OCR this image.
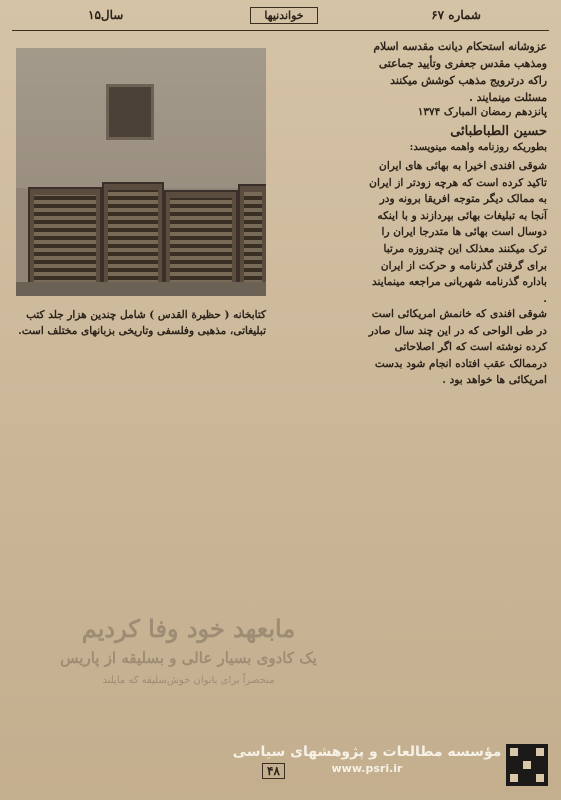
شماره ۶۷
خواندنیها
سال۱۵
کتابخانه ( حظیرة القدس ) شامل چندین هزار جلد کتب
تبلیغاتی، مذهبی وفلسفی وتاریخی بزبانهای مختلف است.
عزوشانه استحکام دیانت مقدسه اسلام ومذهب مقدس جعفری وتأیید جماعتی راکه درترویج مذهب کوشش میکنند مسئلت مینمایند .
پانزدهم رمضان المبارک ۱۳۷۴
حسین الطباطبائی
بطوریکه روزنامه واهمه مینویسد:
شوقی افندی اخیرا به بهائی های ایران تاکید کرده است که هرچه زودتر از ایران به ممالک دیگر متوجه افریقا برونه ودر آنجا به تبلیغات بهائی بپردازند و با اینکه دوسال است بهائی ها متدرجا ایران را ترک میکنند معذلک این چندروزه مرتبا برای گرفتن گذرنامه و حرکت از ایران باداره گذرنامه شهربانی مراجعه مینمایند .
شوقی افندی که خانمش امریکائی است در طی الواحی که در این چند سال صادر کرده نوشته است که اگر اصلاحاتی درممالک عقب افتاده انجام شود بدست امریکائی ها خواهد بود .
مابعهد خود وفا کردیم
یک کادوی بسیار عالی و بسلیقه از پاریس
منحصراً برای بانوان خوش‌سلیقه که مایلند
۴۸
مؤسسه مطالعات و پژوهشهای سیاسی
www.psri.ir
